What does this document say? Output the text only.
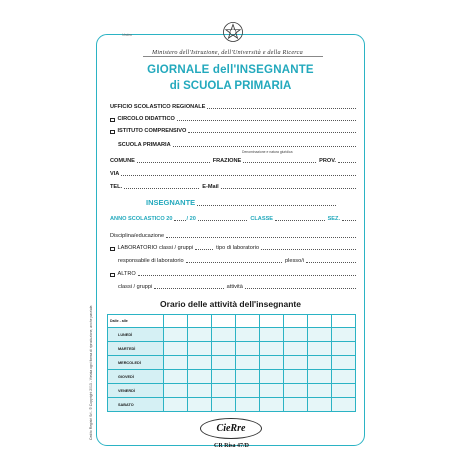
Vedeo
Ministero dell'Istruzione, dell'Università e della Ricerca
GIORNALE dell'INSEGNANTE
di SCUOLA PRIMARIA
UFFICIO SCOLASTICO REGIONALE
CIRCOLO DIDATTICO
ISTITUTO COMPRENSIVO
SCUOLA PRIMARIA
Denominazione e natura giuridica
COMUNE	FRAZIONE	PROV.
VIA
TEL.	E-Mail
INSEGNANTE
ANNO SCOLASTICO 20	/ 20	CLASSE	SEZ.
Disciplina/educazione
LABORATORIO classi / gruppi	tipo di laboratorio
responsabile di laboratorio	plesso/i
ALTRO
classi / gruppi	attività
Orario delle attività dell'insegnante
Dalle - alle								
LUNEDÌ								
MARTEDÌ								
MERCOLEDÌ								
GIOVEDÌ								
VENERDÌ								
SABATO								
CieRre
CR Risa 47/D
Cedito Registri Srl - © Copyright 2013 - Vietata ogni forma di riproduzione, anche parziale.
